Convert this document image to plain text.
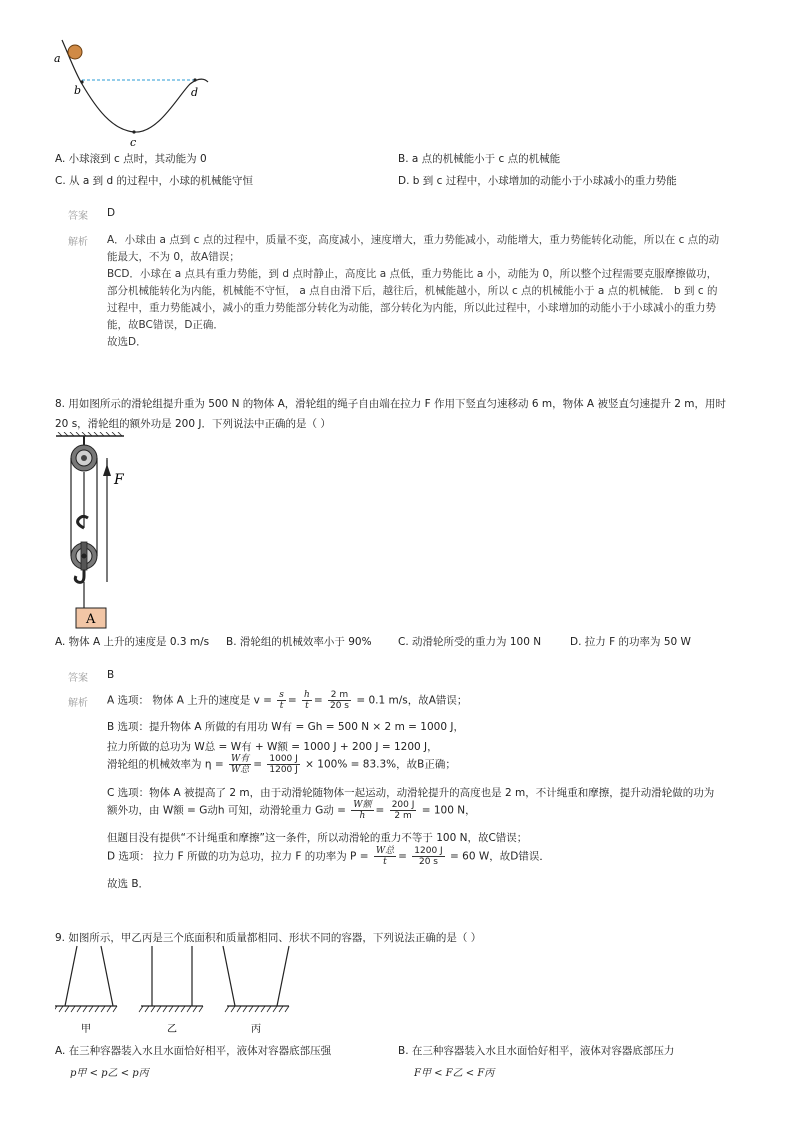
a
b
c
d
A. 小球滚到 c 点时，其动能为 0	B. a 点的机械能小于 c 点的机械能
C. 从 a 到 d 的过程中，小球的机械能守恒	D. b 到 c 过程中，小球增加的动能小于小球减小的重力势能
答案 D
解析 A．小球由 a 点到 c 点的过程中，质量不变，高度减小，速度增大，重力势能减小，动能增大，重力势能转化动能，所以在 c 点的动
能最大，不为 0，故A错误；
BCD．小球在 a 点具有重力势能，到 d 点时静止，高度比 a 点低，重力势能比 a 小，动能为 0，所以整个过程需要克服摩擦做功，
部分机械能转化为内能，机械能不守恒， a 点自由滑下后，越往后，机械能越小，所以 c 点的机械能小于 a 点的机械能． b 到 c 的
过程中，重力势能减小，减小的重力势能部分转化为动能，部分转化为内能，所以此过程中，小球增加的动能小于小球减小的重力势
能，故BC错误，D正确．
故选D．
8. 用如图所示的滑轮组提升重为 500 N 的物体 A，滑轮组的绳子自由端在拉力 F 作用下竖直匀速移动 6 m，物体 A 被竖直匀速提升 2 m，用时
20 s，滑轮组的额外功是 200 J．下列说法中正确的是（ ）
F
A
A. 物体 A 上升的速度是 0.3 m/s B. 滑轮组的机械效率小于 90%	C. 动滑轮所受的重力为 100 N	D. 拉力 F 的功率为 50 W
答案 B
解析 A 选项： 物体 A 上升的速度是 $v = \frac{s}{t} = \frac{h}{t} = \frac{2 m}{20 s} = 0.1$ m/s，故A错误；
B 选项：提升物体 A 所做的有用功 W有 = Gh = 500 N × 2 m = 1000 J，
拉力所做的总功为 W总 = W有 + W额 = 1000 J + 200 J = 1200 J，
滑轮组的机械效率为 $\eta = \frac{\text{W有}}{\text{W总}} = \frac{1000 J}{1200 J} \times 100\% = 83.3\%$，故B正确；
C 选项：物体 A 被提高了 2 m，由于动滑轮随物体一起运动，动滑轮提升的高度也是 2 m，不计绳重和摩擦，提升动滑轮做的功为
额外功，由 W额 = G动h 可知，动滑轮重力 G动 = $\frac{\text{W额}}{h} = \frac{200 J}{2 m} = 100$ N，
但题目没有提供“不计绳重和摩擦”这一条件，所以动滑轮的重力不等于 100 N，故C错误；
D 选项： 拉力 F 所做的功为总功，拉力 F 的功率为 $P = \frac{\text{W总}}{t} = \frac{1200 J}{20 s} = 60$ W，故D错误．
故选 B．
9. 如图所示，甲乙丙是三个底面积和质量都相同、形状不同的容器，下列说法正确的是（ ）
甲	乙	丙
A. 在三种容器装入水且水面恰好相平，液体对容器底部压强
p甲 < p乙 < p丙
B. 在三种容器装入水且水面恰好相平，液体对容器底部压力
F甲 < F乙 < F丙
